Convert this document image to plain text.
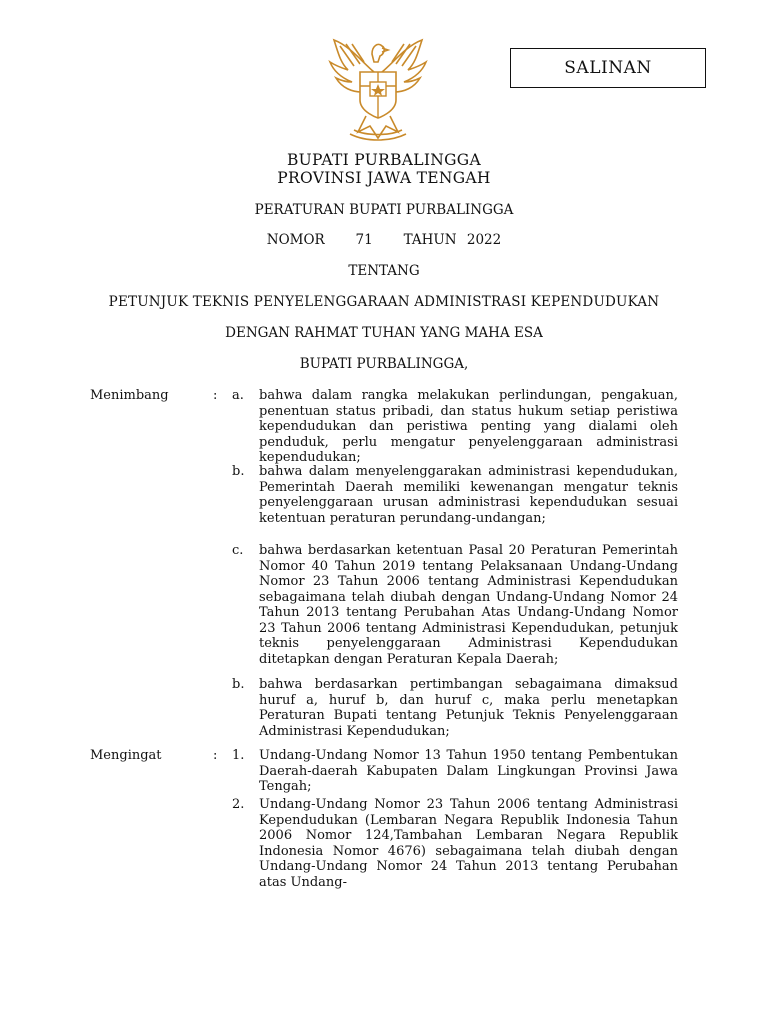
SALINAN
BUPATI PURBALINGGA
PROVINSI JAWA TENGAH
PERATURAN BUPATI PURBALINGGA
NOMOR   71   TAHUN 2022
TENTANG
PETUNJUK TEKNIS PENYELENGGARAAN ADMINISTRASI KEPENDUDUKAN
DENGAN RAHMAT TUHAN YANG MAHA ESA
BUPATI PURBALINGGA,
Menimbang	: a. bahwa dalam rangka melakukan perlindungan, pengakuan, penentuan status pribadi, dan status hukum setiap peristiwa kependudukan dan peristiwa penting yang dialami oleh penduduk, perlu mengatur penyelenggaraan administrasi kependudukan;
b. bahwa dalam menyelenggarakan administrasi kependudukan, Pemerintah Daerah memiliki kewenangan mengatur teknis penyelenggaraan urusan administrasi kependudukan sesuai ketentuan peraturan perundang-undangan;
c. bahwa berdasarkan ketentuan Pasal 20 Peraturan Pemerintah Nomor 40 Tahun 2019 tentang Pelaksanaan Undang-Undang Nomor 23 Tahun 2006 tentang Administrasi Kependudukan sebagaimana telah diubah dengan Undang-Undang Nomor 24 Tahun 2013 tentang Perubahan Atas Undang-Undang Nomor 23 Tahun 2006 tentang Administrasi Kependudukan, petunjuk teknis penyelenggaraan Administrasi Kependudukan ditetapkan dengan Peraturan Kepala Daerah;
b. bahwa berdasarkan pertimbangan sebagaimana dimaksud huruf a, huruf b, dan huruf c, maka perlu menetapkan Peraturan Bupati tentang Petunjuk Teknis Penyelenggaraan Administrasi Kependudukan;
Mengingat	: 1. Undang-Undang Nomor 13 Tahun 1950 tentang Pembentukan Daerah-daerah Kabupaten Dalam Lingkungan Provinsi Jawa Tengah;
2. Undang-Undang Nomor 23 Tahun 2006 tentang Administrasi Kependudukan (Lembaran Negara Republik Indonesia Tahun 2006 Nomor 124,Tambahan Lembaran Negara Republik Indonesia Nomor 4676) sebagaimana telah diubah dengan Undang-Undang Nomor 24 Tahun 2013 tentang Perubahan atas Undang-
